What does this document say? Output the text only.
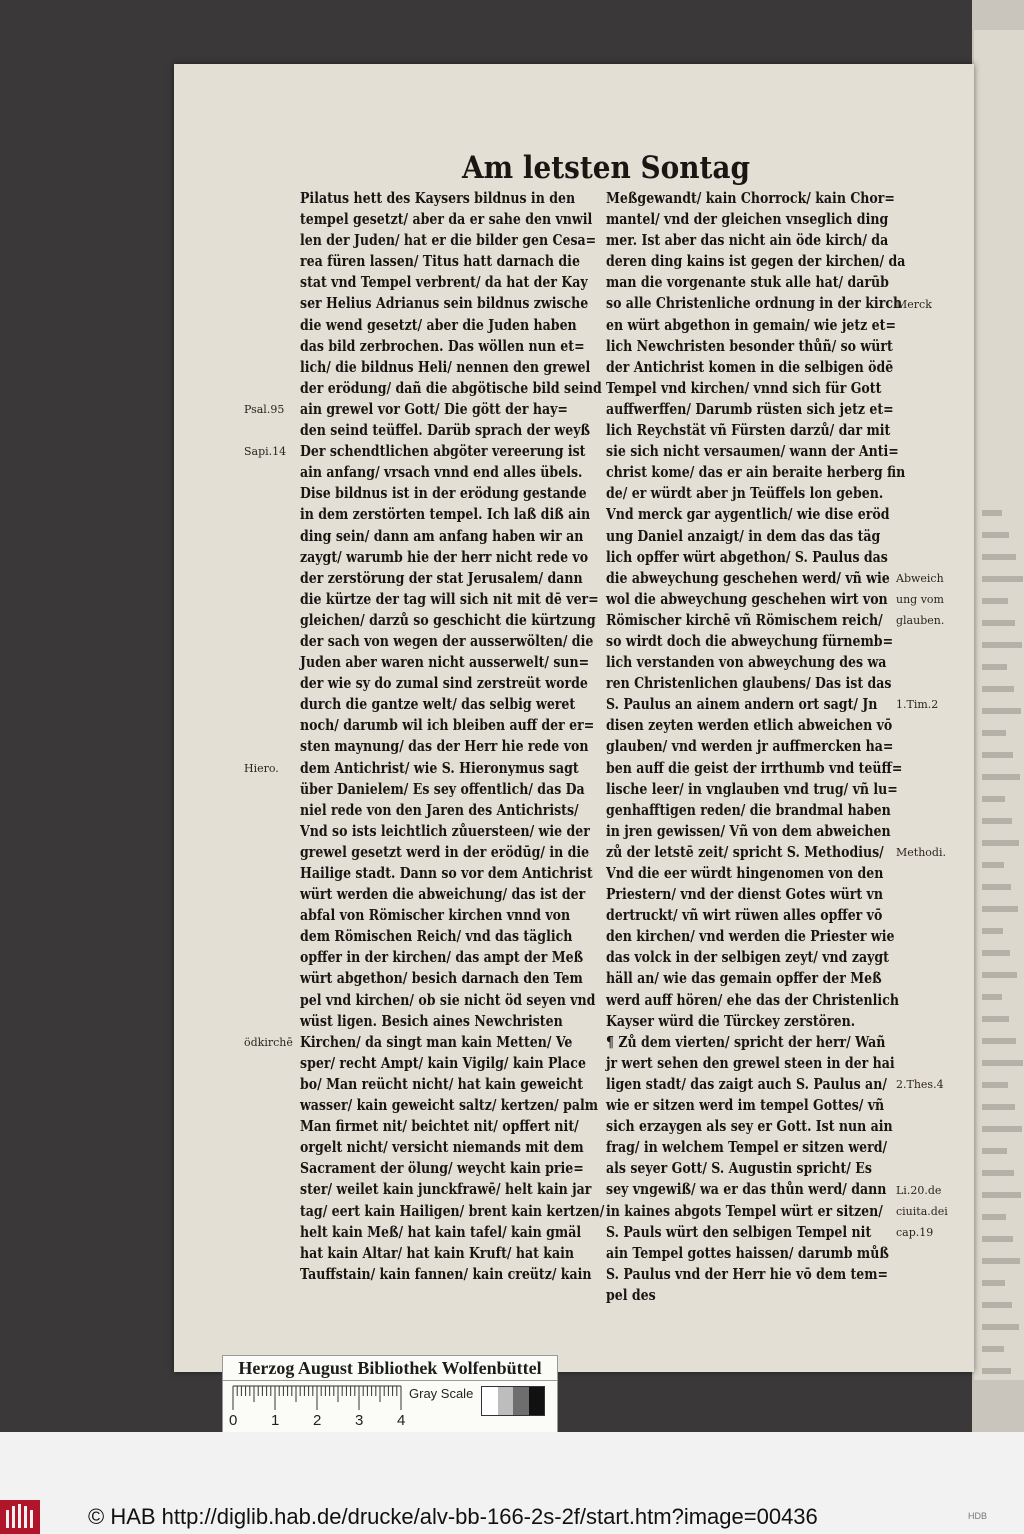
Am letsten Sontag
Pilatus hett des Kaysers bildnus in den
tempel gesetzt/ aber da er sahe den vnwil
len der Juden/ hat er die bilder gen Cesa=
rea füren lassen/ Titus hatt darnach die
stat vnd Tempel verbrent/ da hat der Kay
ser Helius Adrianus sein bildnus zwische
die wend gesetzt/ aber die Juden haben
das bild zerbrochen. Das wöllen nun et=
lich/ die bildnus Heli/ nennen den grewel
der erödung/ dañ die abgötische bild seind
ain grewel vor Gott/ Die gött der hay=
den seind teüffel. Darüb sprach der weyß
Der schendtlichen abgöter vereerung ist
ain anfang/ vrsach vnnd end alles übels.
Dise bildnus ist in der erödung gestande
in dem zerstörten tempel. Ich laß diß ain
ding sein/ dann am anfang haben wir an
zaygt/ warumb hie der herr nicht rede vo
der zerstörung der stat Jerusalem/ dann
die kürtze der tag will sich nit mit dē ver=
gleichen/ darzů so geschicht die kürtzung
der sach von wegen der ausserwölten/ die
Juden aber waren nicht ausserwelt/ sun=
der wie sy do zumal sind zerstreüt worde
durch die gantze welt/ das selbig weret
noch/ darumb wil ich bleiben auff der er=
sten maynung/ das der Herr hie rede von
dem Antichrist/ wie S. Hieronymus sagt
über Danielem/ Es sey offentlich/ das Da
niel rede von den Jaren des Antichrists/
Vnd so ists leichtlich zůuersteen/ wie der
grewel gesetzt werd in der erödūg/ in die
Hailige stadt. Dann so vor dem Antichrist
würt werden die abweichung/ das ist der
abfal von Römischer kirchen vnnd von
dem Römischen Reich/ vnd das täglich
opffer in der kirchen/ das ampt der Meß
würt abgethon/ besich darnach den Tem
pel vnd kirchen/ ob sie nicht öd seyen vnd
wüst ligen. Besich aines Newchristen
Kirchen/ da singt man kain Metten/ Ve
sper/ recht Ampt/ kain Vigilg/ kain Place
bo/ Man reücht nicht/ hat kain geweicht
wasser/ kain geweicht saltz/ kertzen/ palm
Man firmet nit/ beichtet nit/ opffert nit/
orgelt nicht/ versicht niemands mit dem
Sacrament der ölung/ weycht kain prie=
ster/ weilet kain junckfrawē/ helt kain jar
tag/ eert kain Hailigen/ brent kain kertzen/
helt kain Meß/ hat kain tafel/ kain gmäl
hat kain Altar/ hat kain Kruft/ hat kain
Tauffstain/ kain fannen/ kain creütz/ kain
Meßgewandt/ kain Chorrock/ kain Chor=
mantel/ vnd der gleichen vnseglich ding
mer. Ist aber das nicht ain öde kirch/ da
deren ding kains ist gegen der kirchen/ da
man die vorgenante stuk alle hat/ darūb
so alle Christenliche ordnung in der kirch
en würt abgethon in gemain/ wie jetz et=
lich Newchristen besonder thůñ/ so würt
der Antichrist komen in die selbigen ödē
Tempel vnd kirchen/ vnnd sich für Gott
auffwerffen/ Darumb rüsten sich jetz et=
lich Reychstät vñ Fürsten darzů/ dar mit
sie sich nicht versaumen/ wann der Anti=
christ kome/ das er ain beraite herberg fin
de/ er würdt aber jn Teüffels lon geben.
Vnd merck gar aygentlich/ wie dise eröd
ung Daniel anzaigt/ in dem das das täg
lich opffer würt abgethon/ S. Paulus das
die abweychung geschehen werd/ vñ wie
wol die abweychung geschehen wirt von
Römischer kirchē vñ Römischem reich/
so wirdt doch die abweychung fürnemb=
lich verstanden von abweychung des wa
ren Christenlichen glaubens/ Das ist das
S. Paulus an ainem andern ort sagt/ Jn
disen zeyten werden etlich abweichen vō
glauben/ vnd werden jr auffmercken ha=
ben auff die geist der irrthumb vnd teüff=
lische leer/ in vnglauben vnd trug/ vñ lu=
genhafftigen reden/ die brandmal haben
in jren gewissen/ Vñ von dem abweichen
zů der letstē zeit/ spricht S. Methodius/
Vnd die eer würdt hingenomen von den
Priestern/ vnd der dienst Gotes würt vn
dertruckt/ vñ wirt rüwen alles opffer vō
den kirchen/ vnd werden die Priester wie
das volck in der selbigen zeyt/ vnd zaygt
häll an/ wie das gemain opffer der Meß
werd auff hören/ ehe das der Christenlich
Kayser würd die Türckey zerstören.
¶ Zů dem vierten/ spricht der herr/ Wañ
jr wert sehen den grewel steen in der hai
ligen stadt/ das zaigt auch S. Paulus an/
wie er sitzen werd im tempel Gottes/ vñ
sich erzaygen als sey er Gott. Ist nun ain
frag/ in welchem Tempel er sitzen werd/
als seyer Gott/ S. Augustin spricht/ Es
sey vngewiß/ wa er das thůn werd/ dann
in kaines abgots Tempel würt er sitzen/
S. Pauls würt den selbigen Tempel nit
ain Tempel gottes haissen/ darumb můß
S. Paulus vnd der Herr hie vō dem tem=
pel des
Psal.95
Sapi.14
Hiero.
ödkirchē
Merck
Abweich
ung vom
glauben.
1.Tim.2
Methodi.
2.Thes.4
Li.20.de
ciuita.dei
cap.19
Herzog August Bibliothek Wolfenbüttel
0 1 2 3 4
Gray Scale
© HAB http://diglib.hab.de/drucke/alv-bb-166-2s-2f/start.htm?image=00436	HDB
